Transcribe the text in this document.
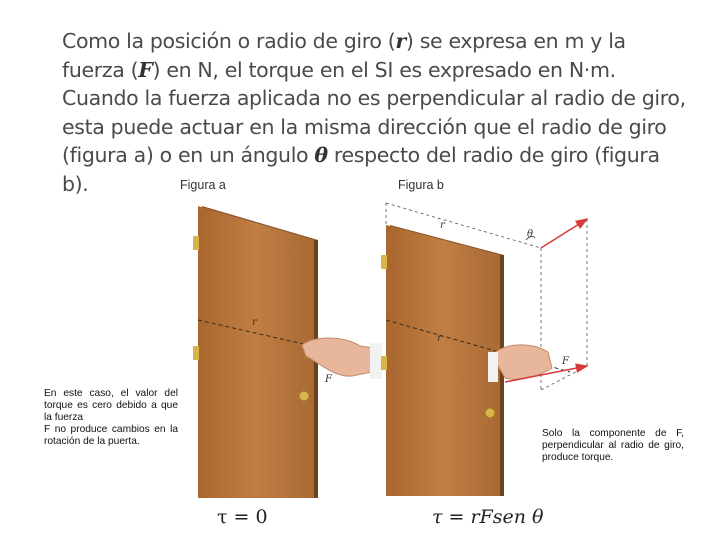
Como la posición o radio de giro (r) se expresa en m y la fuerza (F) en N, el torque en el SI es expresado en N·m. Cuando la fuerza aplicada no es perpendicular al radio de giro, esta puede actuar en la misma dirección que el radio de giro (figura a) o en un ángulo θ respecto del radio de giro (figura b).	Figura a	Figura b
r
F
r
θ
r
F
En este caso, el valor del torque es cero debido a que la fuerza
F no produce cambios en la rotación de la puerta.
Solo la componente de F, perpendicular al radio de giro, produce torque.
τ = 0	τ = rFsen θ
